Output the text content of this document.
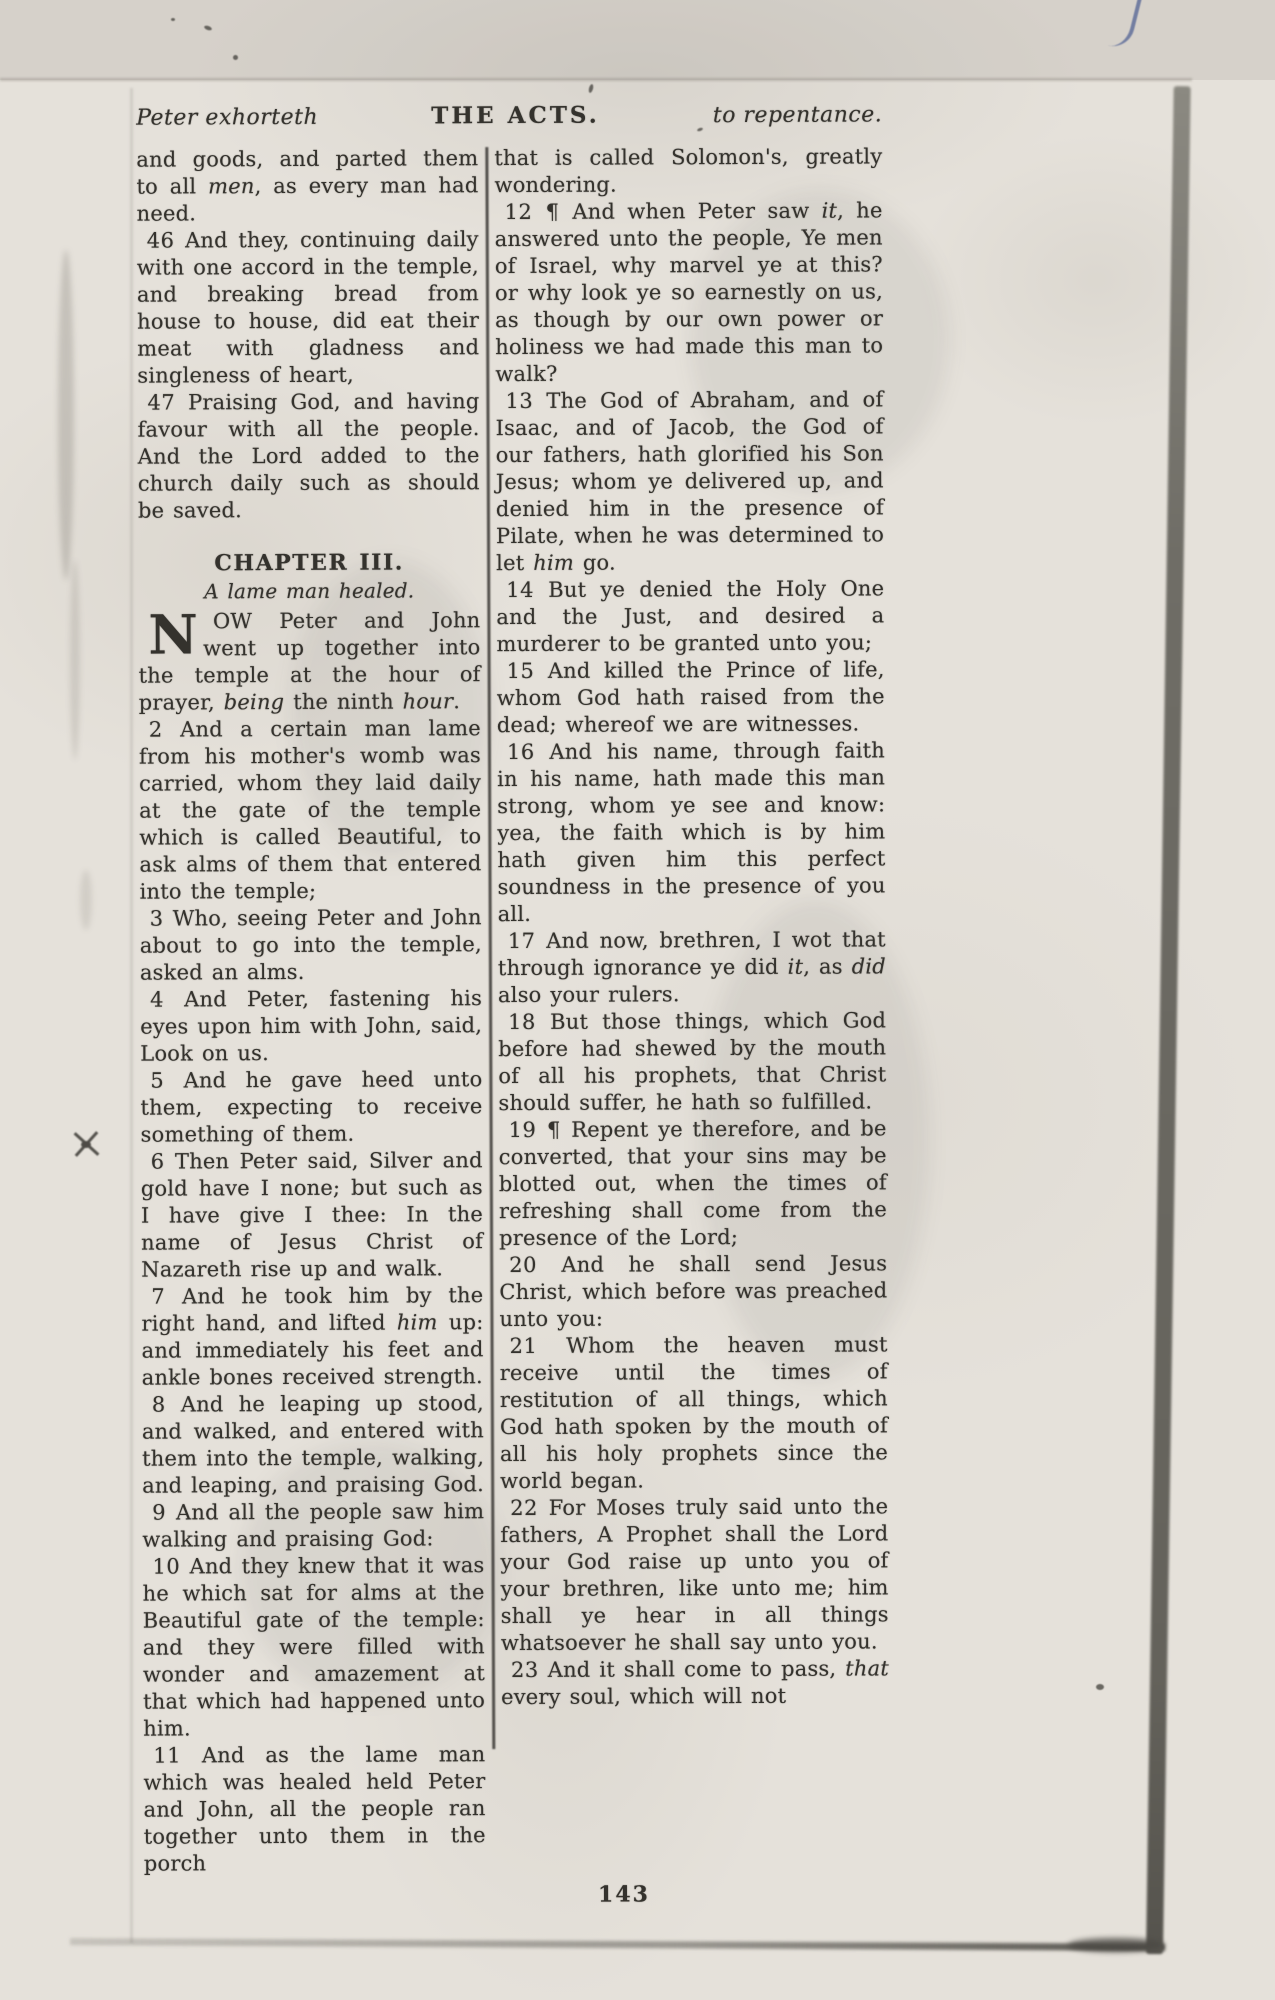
Peter exhorteth	THE ACTS.	to repentance.

and goods, and parted them to all men, as every man had need.

46 And they, continuing daily with one accord in the temple, and breaking bread from house to house, did eat their meat with gladness and singleness of heart,

47 Praising God, and having favour with all the people. And the Lord added to the church daily such as should be saved.

CHAPTER III.

A lame man healed.

NOW Peter and John went up together into the temple at the hour of prayer, being the ninth hour.

2 And a certain man lame from his mother's womb was carried, whom they laid daily at the gate of the temple which is called Beautiful, to ask alms of them that entered into the temple;

3 Who, seeing Peter and John about to go into the temple, asked an alms.

4 And Peter, fastening his eyes upon him with John, said, Look on us.

5 And he gave heed unto them, expecting to receive something of them.

6 Then Peter said, Silver and gold have I none; but such as I have give I thee: In the name of Jesus Christ of Nazareth rise up and walk.

7 And he took him by the right hand, and lifted him up: and immediately his feet and ankle bones received strength.

8 And he leaping up stood, and walked, and entered with them into the temple, walking, and leaping, and praising God.

9 And all the people saw him walking and praising God:

10 And they knew that it was he which sat for alms at the Beautiful gate of the temple: and they were filled with wonder and amazement at that which had happened unto him.

11 And as the lame man which was healed held Peter and John, all the people ran together unto them in the porch

that is called Solomon's, greatly wondering.

12 ¶ And when Peter saw it, he answered unto the people, Ye men of Israel, why marvel ye at this? or why look ye so earnestly on us, as though by our own power or holiness we had made this man to walk?

13 The God of Abraham, and of Isaac, and of Jacob, the God of our fathers, hath glorified his Son Jesus; whom ye delivered up, and denied him in the presence of Pilate, when he was determined to let him go.

14 But ye denied the Holy One and the Just, and desired a murderer to be granted unto you;

15 And killed the Prince of life, whom God hath raised from the dead; whereof we are witnesses.

16 And his name, through faith in his name, hath made this man strong, whom ye see and know: yea, the faith which is by him hath given him this perfect soundness in the presence of you all.

17 And now, brethren, I wot that through ignorance ye did it, as did also your rulers.

18 But those things, which God before had shewed by the mouth of all his prophets, that Christ should suffer, he hath so fulfilled.

19 ¶ Repent ye therefore, and be converted, that your sins may be blotted out, when the times of refreshing shall come from the presence of the Lord;

20 And he shall send Jesus Christ, which before was preached unto you:

21 Whom the heaven must receive until the times of restitution of all things, which God hath spoken by the mouth of all his holy prophets since the world began.

22 For Moses truly said unto the fathers, A Prophet shall the Lord your God raise up unto you of your brethren, like unto me; him shall ye hear in all things whatsoever he shall say unto you.

23 And it shall come to pass, that every soul, which will not

143
